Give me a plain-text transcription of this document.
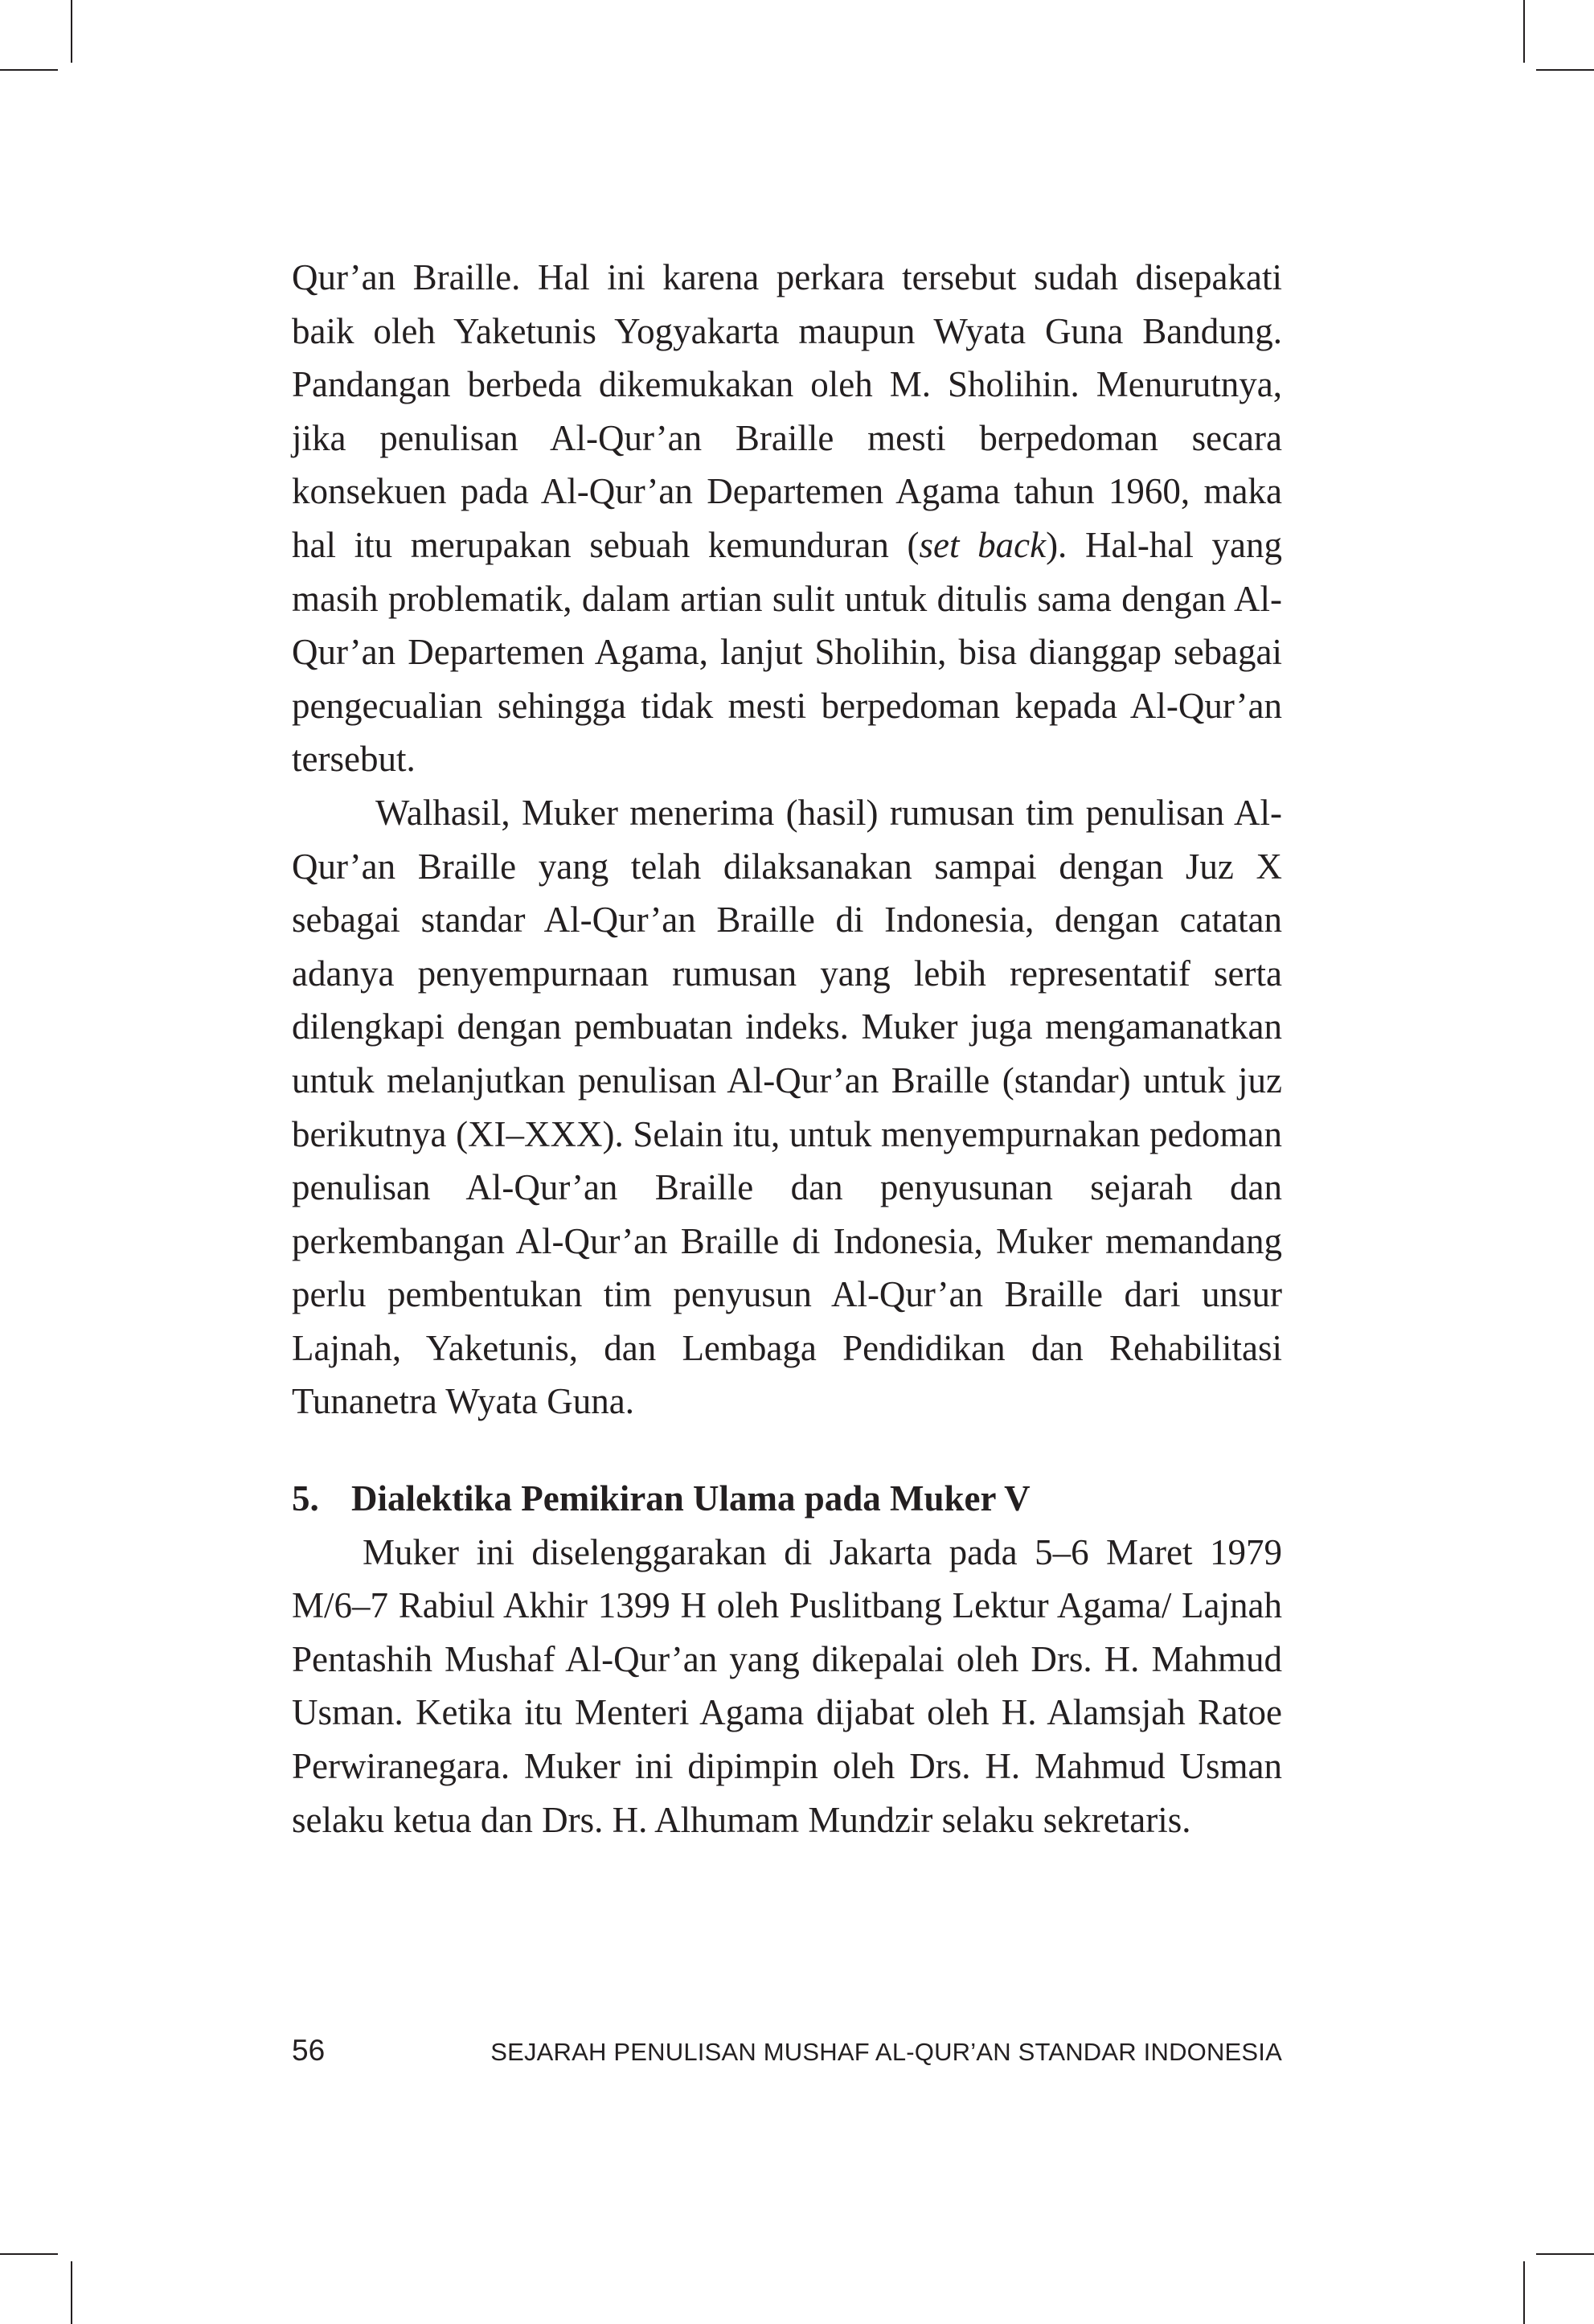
Qur’an Braille. Hal ini karena perkara tersebut sudah disepakati baik oleh Yaketunis Yogyakarta maupun Wyata Guna Bandung. Pandangan berbeda dikemukakan oleh M. Sholihin. Menurutnya, jika penulisan Al-Qur’an Braille mesti berpedoman secara konsekuen pada Al-Qur’an Departemen Agama tahun 1960, maka hal itu merupakan sebuah kemunduran (set back). Hal-hal yang masih problematik, dalam artian sulit untuk ditulis sama dengan Al-Qur’an Departemen Agama, lanjut Sholihin, bisa dianggap sebagai pengecualian sehingga tidak mesti berpedoman kepada Al-Qur’an tersebut.

Walhasil, Muker menerima (hasil) rumusan tim penulisan Al-Qur’an Braille yang telah dilaksanakan sampai dengan Juz X sebagai standar Al-Qur’an Braille di Indonesia, dengan catatan adanya penyempurnaan rumusan yang lebih representatif serta dilengkapi dengan pembuatan indeks. Muker juga mengamanatkan untuk melanjutkan penulisan Al-Qur’an Braille (standar) untuk juz berikutnya (XI–XXX). Selain itu, untuk menyempurnakan pedoman penulisan Al-Qur’an Braille dan penyusunan sejarah dan perkembangan Al-Qur’an Braille di Indonesia, Muker memandang perlu pembentukan tim penyusun Al-Qur’an Braille dari unsur Lajnah, Yaketunis, dan Lembaga Pendidikan dan Rehabilitasi Tunanetra Wyata Guna.

5. Dialektika Pemikiran Ulama pada Muker V

Muker ini diselenggarakan di Jakarta pada 5–6 Maret 1979 M/6–7 Rabiul Akhir 1399 H oleh Puslitbang Lektur Agama/ Lajnah Pentashih Mushaf Al-Qur’an yang dikepalai oleh Drs. H. Mahmud Usman. Ketika itu Menteri Agama dijabat oleh H. Alamsjah Ratoe Perwiranegara. Muker ini dipimpin oleh Drs. H. Mahmud Usman selaku ketua dan Drs. H. Alhumam Mundzir selaku sekretaris.

56	SEJARAH PENULISAN MUSHAF AL-QUR’AN STANDAR INDONESIA
